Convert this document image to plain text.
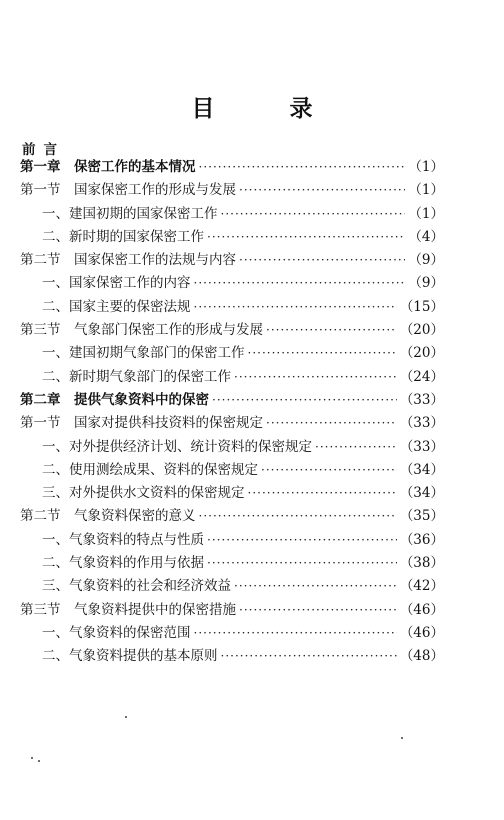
目　录
前言
第一章　保密工作的基本情况 ·····	（1）
第一节　国家保密工作的形成与发展 ·····	（1）
一、建国初期的国家保密工作 ·····	（1）
二、新时期的国家保密工作 ·····	（4）
第二节　国家保密工作的法规与内容 ·····	（9）
一、国家保密工作的内容 ·····	（9）
二、国家主要的保密法规 ·····	（15）
第三节　气象部门保密工作的形成与发展 ·····	（20）
一、建国初期气象部门的保密工作 ·····	（20）
二、新时期气象部门的保密工作 ·····	（24）
第二章　提供气象资料中的保密 ·····	（33）
第一节　国家对提供科技资料的保密规定 ·····	（33）
一、对外提供经济计划、统计资料的保密规定 ·····	（33）
二、使用测绘成果、资料的保密规定 ·····	（34）
三、对外提供水文资料的保密规定 ·····	（34）
第二节　气象资料保密的意义 ·····	（35）
一、气象资料的特点与性质 ·····	（36）
二、气象资料的作用与依据 ·····	（38）
三、气象资料的社会和经济效益 ·····	（42）
第三节　气象资料提供中的保密措施 ·····	（46）
一、气象资料的保密范围 ·····	（46）
二、气象资料提供的基本原则 ·····	（48）
